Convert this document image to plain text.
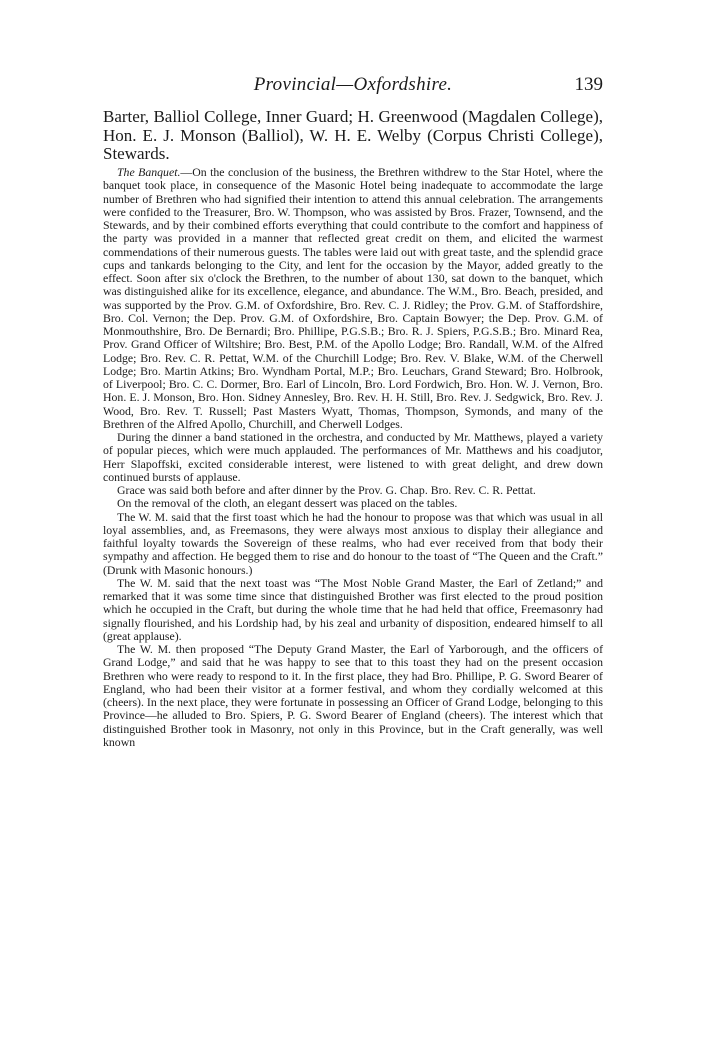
Provincial—Oxfordshire.	139

Barter, Balliol College, Inner Guard; H. Greenwood (Magdalen College), Hon. E. J. Monson (Balliol), W. H. E. Welby (Corpus Christi College), Stewards.

The Banquet.—On the conclusion of the business, the Brethren withdrew to the Star Hotel, where the banquet took place, in consequence of the Masonic Hotel being inadequate to accommodate the large number of Brethren who had signified their intention to attend this annual celebration. The arrangements were confided to the Treasurer, Bro. W. Thompson, who was assisted by Bros. Frazer, Townsend, and the Stewards, and by their combined efforts everything that could contribute to the comfort and happiness of the party was provided in a manner that reflected great credit on them, and elicited the warmest commendations of their numerous guests. The tables were laid out with great taste, and the splendid grace cups and tankards belonging to the City, and lent for the occasion by the Mayor, added greatly to the effect. Soon after six o'clock the Brethren, to the number of about 130, sat down to the banquet, which was distinguished alike for its excellence, elegance, and abundance. The W.M., Bro. Beach, presided, and was supported by the Prov. G.M. of Oxfordshire, Bro. Rev. C. J. Ridley; the Prov. G.M. of Staffordshire, Bro. Col. Vernon; the Dep. Prov. G.M. of Oxfordshire, Bro. Captain Bowyer; the Dep. Prov. G.M. of Monmouthshire, Bro. De Bernardi; Bro. Phillipe, P.G.S.B.; Bro. R. J. Spiers, P.G.S.B.; Bro. Minard Rea, Prov. Grand Officer of Wiltshire; Bro. Best, P.M. of the Apollo Lodge; Bro. Randall, W.M. of the Alfred Lodge; Bro. Rev. C. R. Pettat, W.M. of the Churchill Lodge; Bro. Rev. V. Blake, W.M. of the Cherwell Lodge; Bro. Martin Atkins; Bro. Wyndham Portal, M.P.; Bro. Leuchars, Grand Steward; Bro. Holbrook, of Liverpool; Bro. C. C. Dormer, Bro. Earl of Lincoln, Bro. Lord Fordwich, Bro. Hon. W. J. Vernon, Bro. Hon. E. J. Monson, Bro. Hon. Sidney Annesley, Bro. Rev. H. H. Still, Bro. Rev. J. Sedgwick, Bro. Rev. J. Wood, Bro. Rev. T. Russell; Past Masters Wyatt, Thomas, Thompson, Symonds, and many of the Brethren of the Alfred Apollo, Churchill, and Cherwell Lodges.

During the dinner a band stationed in the orchestra, and conducted by Mr. Matthews, played a variety of popular pieces, which were much applauded. The performances of Mr. Matthews and his coadjutor, Herr Slapoffski, excited considerable interest, were listened to with great delight, and drew down continued bursts of applause.

Grace was said both before and after dinner by the Prov. G. Chap. Bro. Rev. C. R. Pettat.

On the removal of the cloth, an elegant dessert was placed on the tables.

The W. M. said that the first toast which he had the honour to propose was that which was usual in all loyal assemblies, and, as Freemasons, they were always most anxious to display their allegiance and faithful loyalty towards the Sovereign of these realms, who had ever received from that body their sympathy and affection. He begged them to rise and do honour to the toast of “The Queen and the Craft.” (Drunk with Masonic honours.)

The W. M. said that the next toast was “The Most Noble Grand Master, the Earl of Zetland;” and remarked that it was some time since that distinguished Brother was first elected to the proud position which he occupied in the Craft, but during the whole time that he had held that office, Freemasonry had signally flourished, and his Lordship had, by his zeal and urbanity of disposition, endeared himself to all (great applause).

The W. M. then proposed “The Deputy Grand Master, the Earl of Yarborough, and the officers of Grand Lodge,” and said that he was happy to see that to this toast they had on the present occasion Brethren who were ready to respond to it. In the first place, they had Bro. Phillipe, P. G. Sword Bearer of England, who had been their visitor at a former festival, and whom they cordially welcomed at this (cheers). In the next place, they were fortunate in possessing an Officer of Grand Lodge, belonging to this Province—he alluded to Bro. Spiers, P. G. Sword Bearer of England (cheers). The interest which that distinguished Brother took in Masonry, not only in this Province, but in the Craft generally, was well known
